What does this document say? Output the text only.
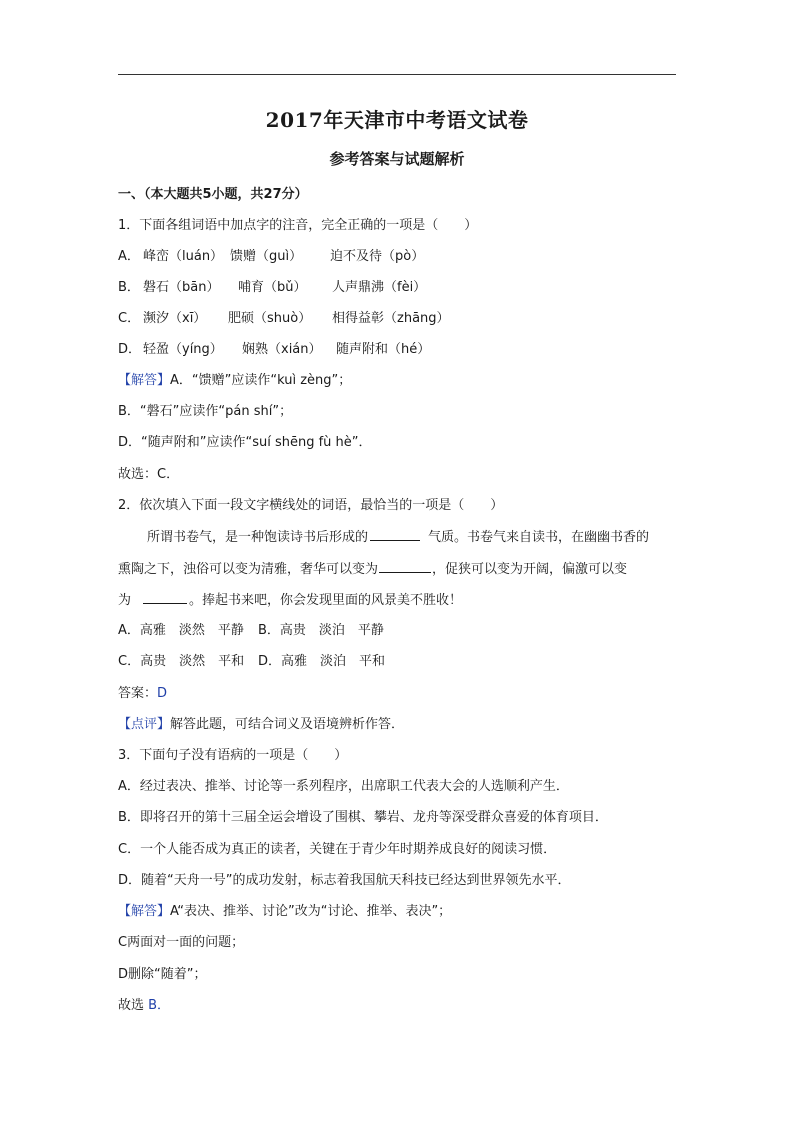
2017年天津市中考语文试卷
参考答案与试题解析
一、（本大题共5小题，共27分）
1．下面各组词语中加点字的注音，完全正确的一项是（　　）
A． 峰峦（luán） 馈赠（guì） 迫不及待（pò）
B． 磐石（bān） 哺育（bǔ） 人声鼎沸（fèi）
C． 濒汐（xī） 肥硕（shuò） 相得益彰（zhāng）
D． 轻盈（yíng） 娴熟（xián） 随声附和（hé）
【解答】A．“馈赠”应读作“kuì zèng”；
B．“磐石”应读作“pán shí”；
D．“随声附和”应读作“suí shēng fù hè”．
故选：C．
2．依次填入下面一段文字横线处的词语，最恰当的一项是（　　）
所谓书卷气，是一种饱读诗书后形成的	气质。书卷气来自读书，在幽幽书香的
熏陶之下，浊俗可以变为清雅，奢华可以变为	，促狭可以变为开阔，偏激可以变
为	。捧起书来吧，你会发现里面的风景美不胜收！
A．高雅　淡然　平静 B．高贵　淡泊　平静
C．高贵　淡然　平和 D．高雅　淡泊　平和
答案：D
【点评】解答此题，可结合词义及语境辨析作答．
3．下面句子没有语病的一项是（　　）
A．经过表决、推举、讨论等一系列程序，出席职工代表大会的人选顺利产生．
B．即将召开的第十三届全运会增设了围棋、攀岩、龙舟等深受群众喜爱的体育项目．
C．一个人能否成为真正的读者，关键在于青少年时期养成良好的阅读习惯．
D．随着“天舟一号”的成功发射，标志着我国航天科技已经达到世界领先水平．
【解答】A“表决、推举、讨论”改为“讨论、推举、表决”；
C两面对一面的问题；
D删除“随着”；
故选 B．
